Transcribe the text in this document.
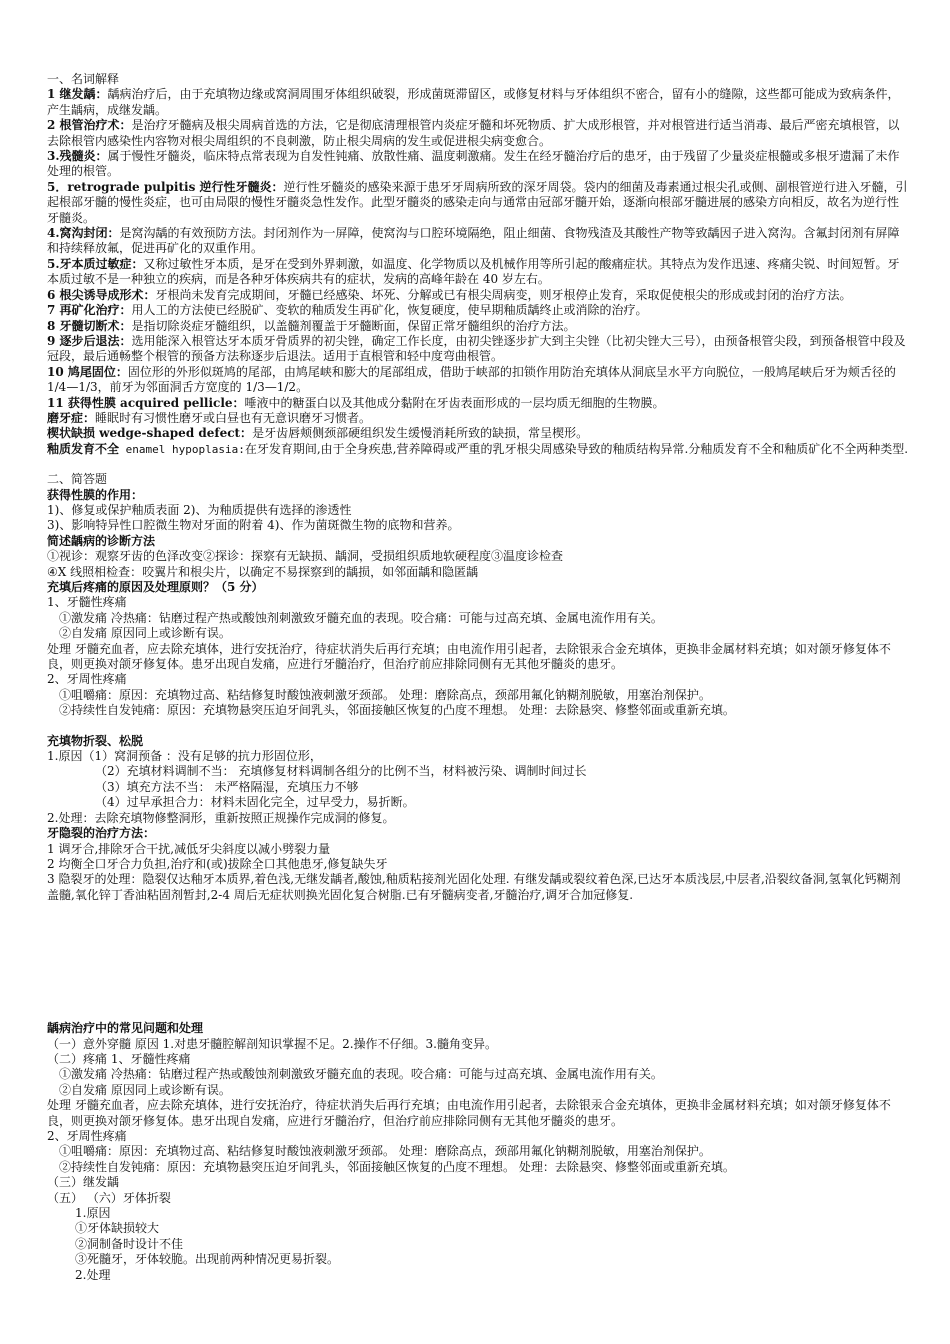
一、名词解释

1 继发龋：龋病治疗后，由于充填物边缘或窝洞周围牙体组织破裂，形成菌斑滞留区，或修复材料与牙体组织不密合，留有小的缝隙，这些都可能成为致病条件，产生龋病，成继发龋。

2 根管治疗术：是治疗牙髓病及根尖周病首选的方法，它是彻底清理根管内炎症牙髓和坏死物质、扩大成形根管，并对根管进行适当消毒、最后严密充填根管，以去除根管内感染性内容物对根尖周组织的不良刺激，防止根尖周病的发生或促进根尖病变愈合。

3.残髓炎：属于慢性牙髓炎，临床特点常表现为自发性钝痛、放散性痛、温度刺激痛。发生在经牙髓治疗后的患牙，由于残留了少量炎症根髓或多根牙遗漏了未作处理的根管。

5．retrograde pulpitis 逆行性牙髓炎：逆行性牙髓炎的感染来源于患牙牙周病所致的深牙周袋。袋内的细菌及毒素通过根尖孔或侧、副根管逆行进入牙髓，引起根部牙髓的慢性炎症，也可由局限的慢性牙髓炎急性发作。此型牙髓炎的感染走向与通常由冠部牙髓开始，逐渐向根部牙髓进展的感染方向相反，故名为逆行性牙髓炎。

4.窝沟封闭：是窝沟龋的有效预防方法。封闭剂作为一屏障，使窝沟与口腔环境隔绝，阻止细菌、食物残渣及其酸性产物等致龋因子进入窝沟。含氟封闭剂有屏障和持续释放氟，促进再矿化的双重作用。

5.牙本质过敏症：又称过敏性牙本质，是牙在受到外界刺激，如温度、化学物质以及机械作用等所引起的酸痛症状。其特点为发作迅速、疼痛尖锐、时间短暂。牙本质过敏不是一种独立的疾病，而是各种牙体疾病共有的症状，发病的高峰年龄在 40 岁左右。

6 根尖诱导成形术：牙根尚未发育完成期间，牙髓已经感染、坏死、分解或已有根尖周病变，则牙根停止发育，采取促使根尖的形成或封闭的治疗方法。

7 再矿化治疗：用人工的方法使已经脱矿、变软的釉质发生再矿化，恢复硬度，使早期釉质龋终止或消除的治疗。

8 牙髓切断术：是指切除炎症牙髓组织，以盖髓剂覆盖于牙髓断面，保留正常牙髓组织的治疗方法。

9 逐步后退法：选用能深入根管达牙本质牙骨质界的初尖锉，确定工作长度，由初尖锉逐步扩大到主尖锉（比初尖锉大三号），由预备根管尖段，到预备根管中段及冠段，最后通畅整个根管的预备方法称逐步后退法。适用于直根管和轻中度弯曲根管。

10 鸠尾固位：固位形的外形似斑鸠的尾部，由鸠尾峡和膨大的尾部组成，借助于峡部的扣锁作用防治充填体从洞底呈水平方向脱位，一般鸠尾峡后牙为颊舌径的 1/4—1/3，前牙为邻面洞舌方宽度的 1/3—1/2。

11 获得性膜 acquired pellicle：唾液中的糖蛋白以及其他成分黏附在牙齿表面形成的一层均质无细胞的生物膜。

磨牙症：睡眠时有习惯性磨牙或白昼也有无意识磨牙习惯者。

楔状缺损 wedge-shaped defect：是牙齿唇颊侧颈部硬组织发生缓慢消耗所致的缺损，常呈楔形。

釉质发育不全 enamel hypoplasia:在牙发育期间,由于全身疾患,营养障碍或严重的乳牙根尖周感染导致的釉质结构异常.分釉质发育不全和釉质矿化不全两种类型.

二、简答题

获得性膜的作用：

1)、修复或保护釉质表面 2)、为釉质提供有选择的渗透性

3)、影响特异性口腔微生物对牙面的附着 4)、作为菌斑微生物的底物和营养。

简述龋病的诊断方法

①视诊：观察牙齿的色泽改变②探诊：探察有无缺损、龋洞，受损组织质地软硬程度③温度诊检查

④X 线照相检查：咬翼片和根尖片，以确定不易探察到的龋损，如邻面龋和隐匿龋

充填后疼痛的原因及处理原则？（5 分）

1、牙髓性疼痛

①激发痛 冷热痛：钻磨过程产热或酸蚀剂刺激致牙髓充血的表现。咬合痛：可能与过高充填、金属电流作用有关。

②自发痛 原因同上或诊断有误。

处理 牙髓充血者，应去除充填体，进行安抚治疗，待症状消失后再行充填；由电流作用引起者，去除银汞合金充填体，更换非金属材料充填；如对颌牙修复体不良，则更换对颌牙修复体。患牙出现自发痛，应进行牙髓治疗，但治疗前应排除同侧有无其他牙髓炎的患牙。

2、牙周性疼痛

①咀嚼痛：原因：充填物过高、粘结修复时酸蚀液刺激牙颈部。 处理：磨除高点，颈部用氟化钠糊剂脱敏，用塞治剂保护。

②持续性自发钝痛：原因：充填物悬突压迫牙间乳头，邻面接触区恢复的凸度不理想。 处理：去除悬突、修整邻面或重新充填。

充填物折裂、松脱

1.原因（1）窝洞预备 ：没有足够的抗力形固位形，

（2）充填材料调制不当： 充填修复材料调制各组分的比例不当，材料被污染、调制时间过长

（3）填充方法不当： 未严格隔湿，充填压力不够

（4）过早承担合力：材料未固化完全，过早受力，易折断。

2.处理：去除充填物修整洞形，重新按照正规操作完成洞的修复。

牙隐裂的治疗方法：

1 调牙合,排除牙合干扰,减低牙尖斜度以减小劈裂力量

2 均衡全口牙合力负担,治疗和(或)拔除全口其他患牙,修复缺失牙

3 隐裂牙的处理：隐裂仅达釉牙本质界,着色浅,无继发龋者,酸蚀,釉质粘接剂光固化处理. 有继发龋或裂纹着色深,已达牙本质浅层,中层者,沿裂纹备洞,氢氧化钙糊剂盖髓,氧化锌丁香油粘固剂暂封,2-4 周后无症状则换光固化复合树脂.已有牙髓病变者,牙髓治疗,调牙合加冠修复.

龋病治疗中的常见问题和处理

（一）意外穿髓 原因 1.对患牙髓腔解剖知识掌握不足。2.操作不仔细。3.髓角变异。

（二）疼痛 1、牙髓性疼痛

①激发痛 冷热痛：钻磨过程产热或酸蚀剂刺激致牙髓充血的表现。咬合痛：可能与过高充填、金属电流作用有关。

②自发痛 原因同上或诊断有误。

处理 牙髓充血者，应去除充填体，进行安抚治疗，待症状消失后再行充填；由电流作用引起者，去除银汞合金充填体，更换非金属材料充填；如对颌牙修复体不良，则更换对颌牙修复体。患牙出现自发痛，应进行牙髓治疗，但治疗前应排除同侧有无其他牙髓炎的患牙。

2、牙周性疼痛

①咀嚼痛：原因：充填物过高、粘结修复时酸蚀液刺激牙颈部。 处理：磨除高点，颈部用氟化钠糊剂脱敏，用塞治剂保护。

②持续性自发钝痛：原因：充填物悬突压迫牙间乳头，邻面接触区恢复的凸度不理想。 处理：去除悬突、修整邻面或重新充填。

（三）继发龋

（五） （六）牙体折裂

1.原因

①牙体缺损较大

②洞制备时设计不佳

③死髓牙，牙体较脆。出现前两种情况更易折裂。

2.处理
